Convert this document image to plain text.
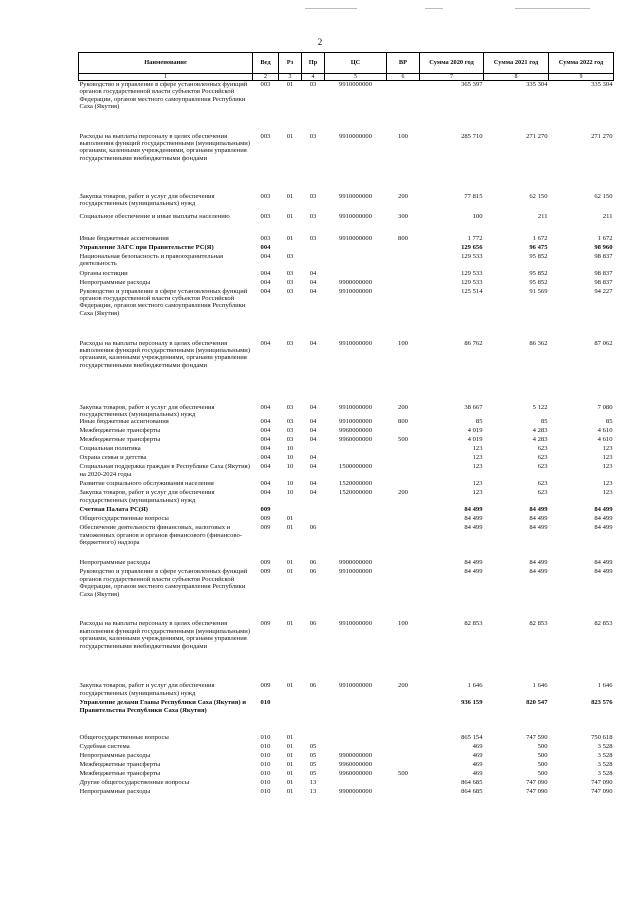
2
Наименование	Вед	Рз	Пр	ЦС	ВР	Сумма 2020 год	Сумма 2021 год	Сумма 2022 год
1	2	3	4	5	6	7	8	9
Руководство и управление в сфере установленных функций органов государственной власти субъектов Российской Федерации, органов местного самоуправления Республики Саха (Якутия)	003	01	03	9910000000		365 397	335 304	335 304
Расходы на выплаты персоналу в целях обеспечения выполнения функций государственными (муниципальными) органами, казенными учреждениями, органами управления государственными внебюджетными фондами	003	01	03	9910000000	100	285 710	271 270	271 270
Закупка товаров, работ и услуг для обеспечения государственных (муниципальных) нужд	003	01	03	9910000000	200	77 815	62 150	62 150
Социальное обеспечение и иные выплаты населению	003	01	03	9910000000	300	100	211	211
Иные бюджетные ассигнования	003	01	03	9910000000	800	1 772	1 672	1 672
Управление ЗАГС при Правительстве РС(Я)	004					129 656	96 475	98 960
Национальная безопасность и правоохранительная деятельность	004	03				129 533	95 852	98 837
Органы юстиции	004	03	04			129 533	95 852	98 837
Непрограммные расходы	004	03	04	9900000000		129 533	95 852	98 837
Руководство и управление в сфере установленных функций органов государственной власти субъектов Российской Федерации, органов местного самоуправления Республики Саха (Якутия)	004	03	04	9910000000		125 514	91 569	94 227
Расходы на выплаты персоналу в целях обеспечения выполнения функций государственными (муниципальными) органами, казенными учреждениями, органами управления государственными внебюджетными фондами	004	03	04	9910000000	100	86 762	86 362	87 062
Закупка товаров, работ и услуг для обеспечения государственных (муниципальных) нужд	004	03	04	9910000000	200	38 667	5 122	7 080
Иные бюджетные ассигнования	004	03	04	9910000000	800	85	85	85
Межбюджетные трансферты	004	03	04	9960000000		4 019	4 283	4 610
Межбюджетные трансферты	004	03	04	9960000000	500	4 019	4 283	4 610
Социальная политика	004	10				123	623	123
Охрана семьи и детства	004	10	04			123	623	123
Социальная поддержка граждан в Республике Саха (Якутия) на 2020-2024 годы	004	10	04	1500000000		123	623	123
Развитие социального обслуживания населения	004	10	04	1520000000		123	623	123
Закупка товаров, работ и услуг для обеспечения государственных (муниципальных) нужд	004	10	04	1520000000	200	123	623	123
Счетная Палата РС(Я)	009					84 499	84 499	84 499
Общегосударственные вопросы	009	01				84 499	84 499	84 499
Обеспечение деятельности финансовых, налоговых и таможенных органов и органов финансового (финансово-бюджетного) надзора	009	01	06			84 499	84 499	84 499
Непрограммные расходы	009	01	06	9900000000		84 499	84 499	84 499
Руководство и управление в сфере установленных функций органов государственной власти субъектов Российской Федерации, органов местного самоуправления Республики Саха (Якутия)	009	01	06	9910000000		84 499	84 499	84 499
Расходы на выплаты персоналу в целях обеспечения выполнения функций государственными (муниципальными) органами, казенными учреждениями, органами управления государственными внебюджетными фондами	009	01	06	9910000000	100	82 853	82 853	82 853
Закупка товаров, работ и услуг для обеспечения государственных (муниципальных) нужд	009	01	06	9910000000	200	1 646	1 646	1 646
Управление делами Главы Республики Саха (Якутия) и Правительства Республики Саха (Якутия)	010					936 159	820 547	823 576
Общегосударственные вопросы	010	01				865 154	747 590	750 618
Судебная система	010	01	05			469	500	3 528
Непрограммные расходы	010	01	05	9900000000		469	500	3 528
Межбюджетные трансферты	010	01	05	9960000000		469	500	3 528
Межбюджетные трансферты	010	01	05	9960000000	500	469	500	3 528
Другие общегосударственные вопросы	010	01	13			864 685	747 090	747 090
Непрограммные расходы	010	01	13	9900000000		864 685	747 090	747 090
